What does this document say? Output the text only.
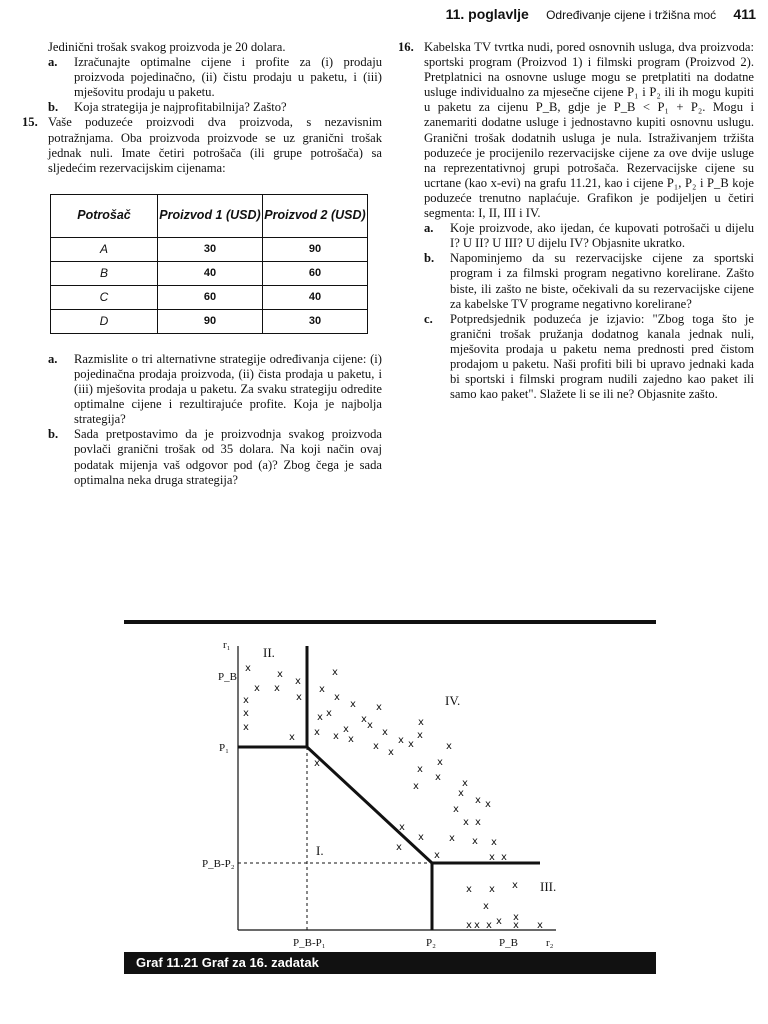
11. poglavlje Određivanje cijene i tržišna moć 411

Jedinični trošak svakog proizvoda je 20 dolara.

a. Izračunajte optimalne cijene i profite za (i) prodaju proizvoda pojedinačno, (ii) čistu prodaju u paketu, i (iii) mješovitu prodaju u paketu.

b. Koja strategija je najprofitabilnija? Zašto?

15. Vaše poduzeće proizvodi dva proizvoda, s nezavisnim potražnjama. Oba proizvoda proizvode se uz granični trošak jednak nuli. Imate četiri potrošača (ili grupe potrošača) sa sljedećim rezervacijskim cijenama:

Potrošač	Proizvod 1 (USD)	Proizvod 2 (USD)
A	30	90
B	40	60
C	60	40
D	90	30

a. Razmislite o tri alternativne strategije određivanja cijene: (i) pojedinačna prodaja proizvoda, (ii) čista prodaja u paketu, i (iii) mješovita prodaja u paketu. Za svaku strategiju odredite optimalne cijene i rezultirajuće profite. Koja je najbolja strategija?

b. Sada pretpostavimo da je proizvodnja svakog proizvoda povlači granični trošak od 35 dolara. Na koji način ovaj podatak mijenja vaš odgovor pod (a)? Zbog čega je sada optimalna neka druga strategija?

16. Kabelska TV tvrtka nudi, pored osnovnih usluga, dva proizvoda: sportski program (Proizvod 1) i filmski program (Proizvod 2). Pretplatnici na osnovne usluge mogu se pretplatiti na dodatne usluge individualno za mjesečne cijene P₁ i P₂ ili ih mogu kupiti u paketu za cijenu P_B, gdje je P_B < P₁ + P₂. Mogu i zanemariti dodatne usluge i jednostavno kupiti osnovnu uslugu. Granični trošak dodatnih usluga je nula. Istraživanjem tržišta poduzeće je procijenilo rezervacijske cijene za ove dvije usluge na reprezentativnoj grupi potrošača. Rezervacijske cijene su ucrtane (kao x-evi) na grafu 11.21, kao i cijene P₁, P₂ i P_B koje poduzeće trenutno naplaćuje. Grafikon je podijeljen u četiri segmenta: I, II, III i IV.

a. Koje proizvode, ako ijedan, će kupovati potrošači u dijelu I? U II? U III? U dijelu IV? Objasnite ukratko.

b. Napominjemo da su rezervacijske cijene za sportski program i za filmski program negativno korelirane. Zašto biste, ili zašto ne biste, očekivali da su rezervacijske cijene za kabelske TV programe negativno korelirane?

c. Potpredsjednik poduzeća je izjavio: "Zbog toga što je granični trošak pružanja dodatnog kanala jednak nuli, mješovita prodaja u paketu nema prednosti pred čistom prodajom u paketu. Naši profiti bili bi upravo jednaki kada bi sportski i filmski program nudili zajedno kao paket ili samo kao paket". Slažete li se ili ne? Objasnite zašto.

r₁
r₂
P_B
P₁
P_B-P₂
P_B-P₁	P₂	P_B
I.
II.
III.
IV.
x
x
x
x
x x	x
x	x	x
x
x
x	x
x
x
x
x x x x
x x
x
x
x
x
x
x
x
x
x
x
x
x
x	x
x
x
x	x
x x
x
x	x x x
x
x x
x
x x x
x
x x x x x
x x
Graf 11.21 Graf za 16. zadatak
